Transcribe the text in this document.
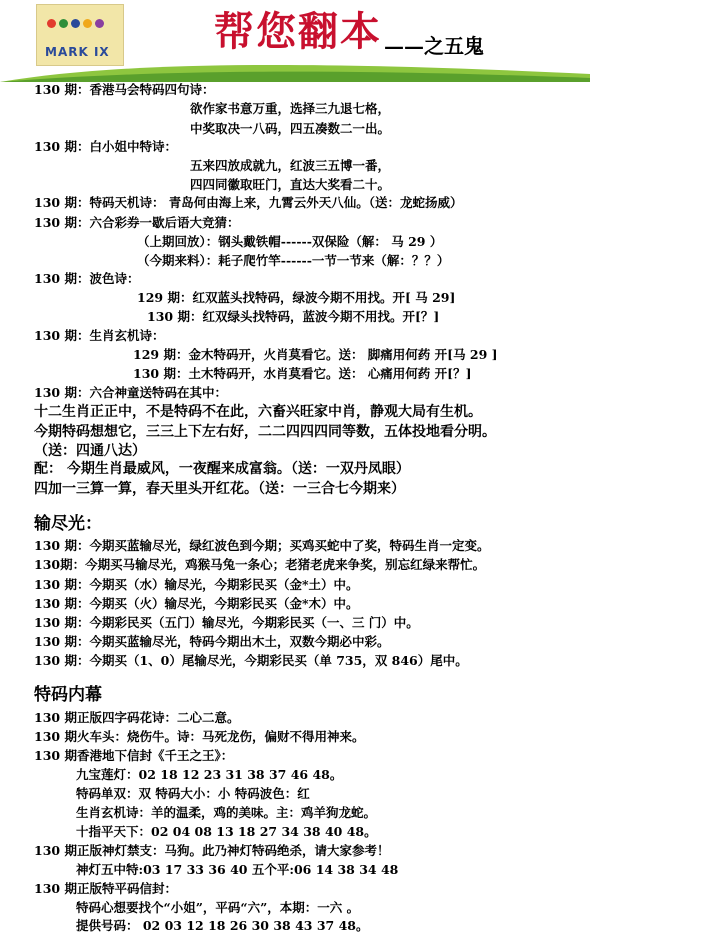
MARK IX	帮您翻本 ——之五鬼
130 期：香港马会特码四句诗：
欲作家书意万重，选择三九退七格，
中奖取决一八码，四五凑数二一出。
130 期：白小姐中特诗：
五来四放成就九，红波三五博一番，
四四同徽取旺门，直达大奖看二十。
130 期：特码天机诗： 青岛何由海上来，九霄云外天八仙。（送：龙蛇扬威）
130 期：六合彩券一歇后语大竞猜：
（上期回放）：钢头戴铁帽------双保险（解： 马 29 ）
（今期来料）：耗子爬竹竿------一节一节来（解：？？）
130 期：波色诗：
129 期：红双蓝头找特码，绿波今期不用找。开[ 马 29]
130 期：红双绿头找特码，蓝波今期不用找。开[？]
130 期：生肖玄机诗：
129 期：金木特码开，火肖莫看它。送： 脚痛用何药 开[马 29 ]
130 期：土木特码开，水肖莫看它。送： 心痛用何药 开[？]
130 期：六合神童送特码在其中：
十二生肖正正中，不是特码不在此，六畜兴旺家中肖，静观大局有生机。
今期特码想想它，三三上下左右好，二二四四四同等数，五体投地看分明。
（送：四通八达）
配： 今期生肖最威风，一夜醒来成富翁。（送：一双丹凤眼）
四加一三算一算，春天里头开红花。（送：一三合七今期来）
输尽光：
130 期：今期买蓝输尽光，绿红波色到今期；买鸡买蛇中了奖，特码生肖一定变。
130期：今期买马输尽光，鸡猴马兔一条心；老猪老虎来争奖，别忘红绿来帮忙。
130 期：今期买（水）输尽光，今期彩民买（金*土）中。
130 期：今期买（火）输尽光，今期彩民买（金*木）中。
130 期：今期彩民买（五门）输尽光，今期彩民买（一、三 门）中。
130 期：今期买蓝输尽光，特码今期出木土，双数今期必中彩。
130 期：今期买（1、0）尾输尽光，今期彩民买（单 735，双 846）尾中。
特码内幕
130 期正版四字码花诗：二心二意。
130 期火车头：烧伤牛。诗：马死龙伤，偏财不得用神来。
130 期香港地下信封《千王之王》：
九宝莲灯：02 18 12 23 31 38 37 46 48。
特码单双：双 特码大小：小 特码波色：红
生肖玄机诗：羊的温柔，鸡的美味。主：鸡羊狗龙蛇。
十指平天下：02 04 08 13 18 27 34 38 40 48。
130 期正版神灯禁支：马狗。此乃神灯特码绝杀，请大家参考！
神灯五中特:03 17 33 36 40 五个平:06 14 38 34 48
130 期正版特平码信封：
特码心想要找个“小姐”，平码“六”，本期：一六 。
提供号码： 02 03 12 18 26 30 38 43 37 48。
